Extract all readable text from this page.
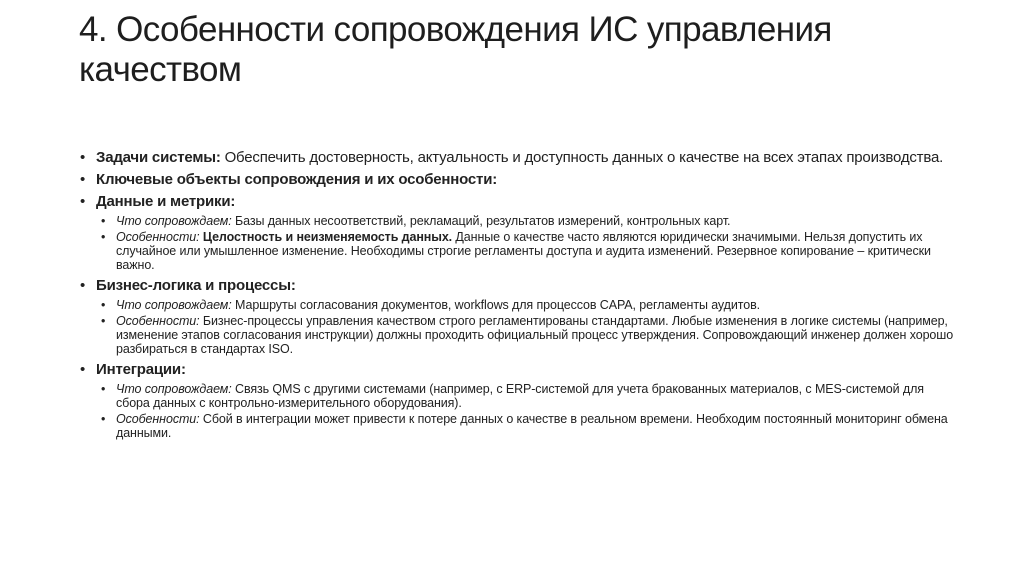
4. Особенности сопровождения ИС управления качеством
• Задачи системы: Обеспечить достоверность, актуальность и доступность данных о качестве на всех этапах производства.
• Ключевые объекты сопровождения и их особенности:
• Данные и метрики:
• Что сопровождаем: Базы данных несоответствий, рекламаций, результатов измерений, контрольных карт.
• Особенности: Целостность и неизменяемость данных. Данные о качестве часто являются юридически значимыми. Нельзя допустить их случайное или умышленное изменение. Необходимы строгие регламенты доступа и аудита изменений. Резервное копирование – критически важно.
• Бизнес-логика и процессы:
• Что сопровождаем: Маршруты согласования документов, workflows для процессов CAPA, регламенты аудитов.
• Особенности: Бизнес-процессы управления качеством строго регламентированы стандартами. Любые изменения в логике системы (например, изменение этапов согласования инструкции) должны проходить официальный процесс утверждения. Сопровождающий инженер должен хорошо разбираться в стандартах ISO.
• Интеграции:
• Что сопровождаем: Связь QMS с другими системами (например, с ERP-системой для учета бракованных материалов, с MES-системой для сбора данных с контрольно-измерительного оборудования).
• Особенности: Сбой в интеграции может привести к потере данных о качестве в реальном времени. Необходим постоянный мониторинг обмена данными.
